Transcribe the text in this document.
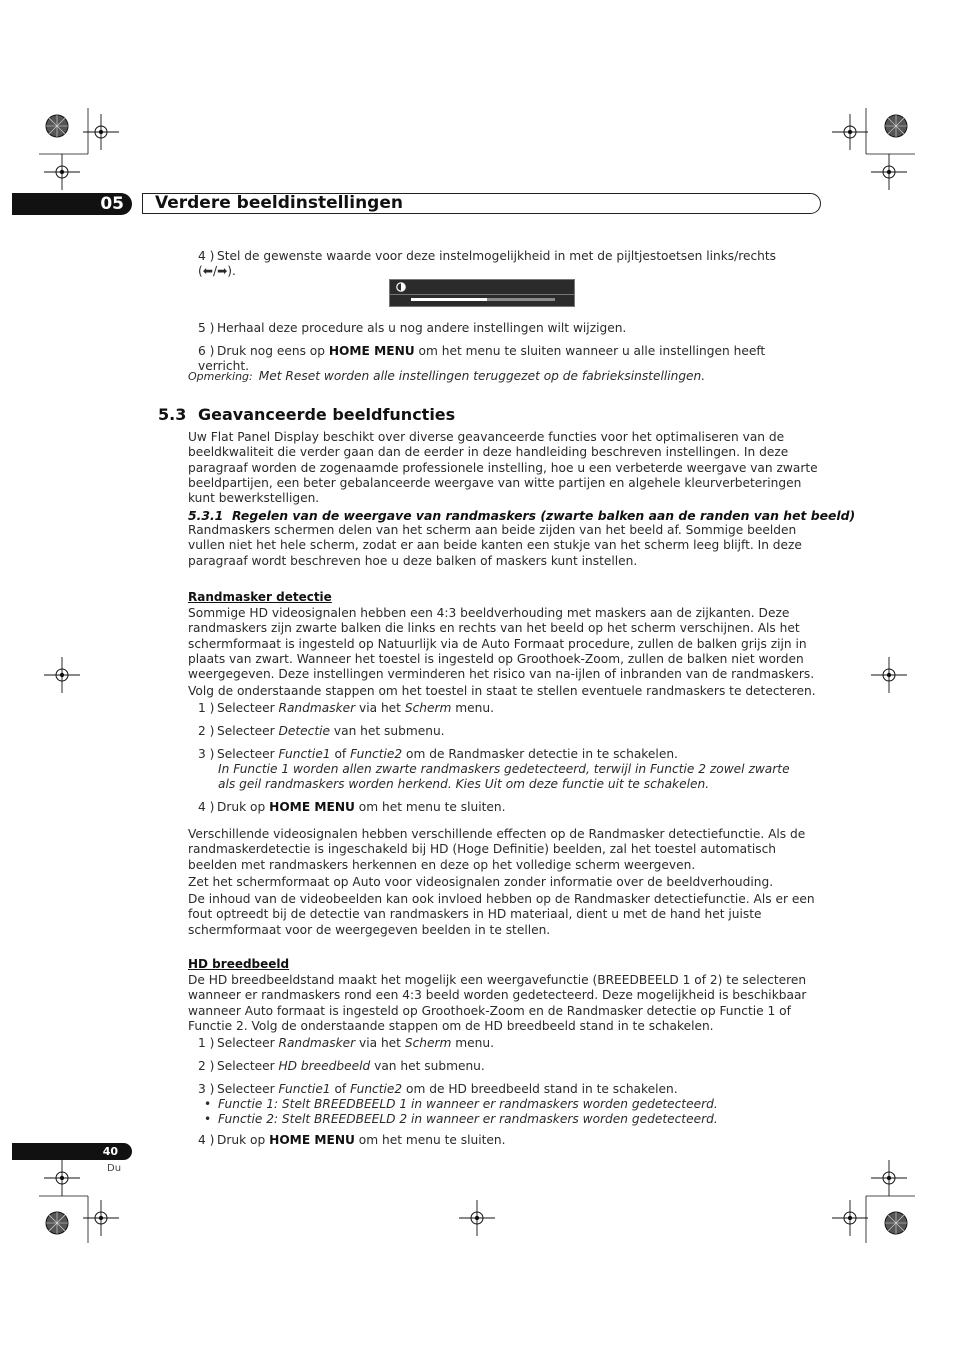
05	Verdere beeldinstellingen
4 ) Stel de gewenste waarde voor deze instelmogelijkheid in met de pijltjestoetsen links/rechts (⬅/➡).
5 ) Herhaal deze procedure als u nog andere instellingen wilt wijzigen.
6 ) Druk nog eens op HOME MENU om het menu te sluiten wanneer u alle instellingen heeft verricht.
Opmerking: Met Reset worden alle instellingen teruggezet op de fabrieksinstellingen.
5.3 Geavanceerde beeldfuncties

Uw Flat Panel Display beschikt over diverse geavanceerde functies voor het optimaliseren van de beeldkwaliteit die verder gaan dan de eerder in deze handleiding beschreven instellingen. In deze paragraaf worden de zogenaamde professionele instelling, hoe u een verbeterde weergave van zwarte beeldpartijen, een beter gebalanceerde weergave van witte partijen en algehele kleurverbeteringen kunt bewerkstelligen.

5.3.1 Regelen van de weergave van randmaskers (zwarte balken aan de randen van het beeld)

Randmaskers schermen delen van het scherm aan beide zijden van het beeld af. Sommige beelden vullen niet het hele scherm, zodat er aan beide kanten een stukje van het scherm leeg blijft. In deze paragraaf wordt beschreven hoe u deze balken of maskers kunt instellen.

Randmasker detectie

Sommige HD videosignalen hebben een 4:3 beeldverhouding met maskers aan de zijkanten. Deze randmaskers zijn zwarte balken die links en rechts van het beeld op het scherm verschijnen. Als het schermformaat is ingesteld op Natuurlijk via de Auto Formaat procedure, zullen de balken grijs zijn in plaats van zwart. Wanneer het toestel is ingesteld op Groothoek-Zoom, zullen de balken niet worden weergegeven. Deze instellingen verminderen het risico van na-ijlen of inbranden van de randmaskers.

Volg de onderstaande stappen om het toestel in staat te stellen eventuele randmaskers te detecteren.

1 ) Selecteer Randmasker via het Scherm menu.
2 ) Selecteer Detectie van het submenu.
3 ) Selecteer Functie1 of Functie2 om de Randmasker detectie in te schakelen.
In Functie 1 worden allen zwarte randmaskers gedetecteerd, terwijl in Functie 2 zowel zwarte als geil randmaskers worden herkend. Kies Uit om deze functie uit te schakelen.
4 ) Druk op HOME MENU om het menu te sluiten.

Verschillende videosignalen hebben verschillende effecten op de Randmasker detectiefunctie. Als de randmaskerdetectie is ingeschakeld bij HD (Hoge Definitie) beelden, zal het toestel automatisch beelden met randmaskers herkennen en deze op het volledige scherm weergeven.

Zet het schermformaat op Auto voor videosignalen zonder informatie over de beeldverhouding.

De inhoud van de videobeelden kan ook invloed hebben op de Randmasker detectiefunctie. Als er een fout optreedt bij de detectie van randmaskers in HD materiaal, dient u met de hand het juiste schermformaat voor de weergegeven beelden in te stellen.

HD breedbeeld

De HD breedbeeldstand maakt het mogelijk een weergavefunctie (BREEDBEELD 1 of 2) te selecteren wanneer er randmaskers rond een 4:3 beeld worden gedetecteerd. Deze mogelijkheid is beschikbaar wanneer Auto formaat is ingesteld op Groothoek-Zoom en de Randmasker detectie op Functie 1 of Functie 2. Volg de onderstaande stappen om de HD breedbeeld stand in te schakelen.

1 ) Selecteer Randmasker via het Scherm menu.
2 ) Selecteer HD breedbeeld van het submenu.
3 ) Selecteer Functie1 of Functie2 om de HD breedbeeld stand in te schakelen.
• Functie 1: Stelt BREEDBEELD 1 in wanneer er randmaskers worden gedetecteerd.
• Functie 2: Stelt BREEDBEELD 2 in wanneer er randmaskers worden gedetecteerd.
4 ) Druk op HOME MENU om het menu te sluiten.
40
Du
